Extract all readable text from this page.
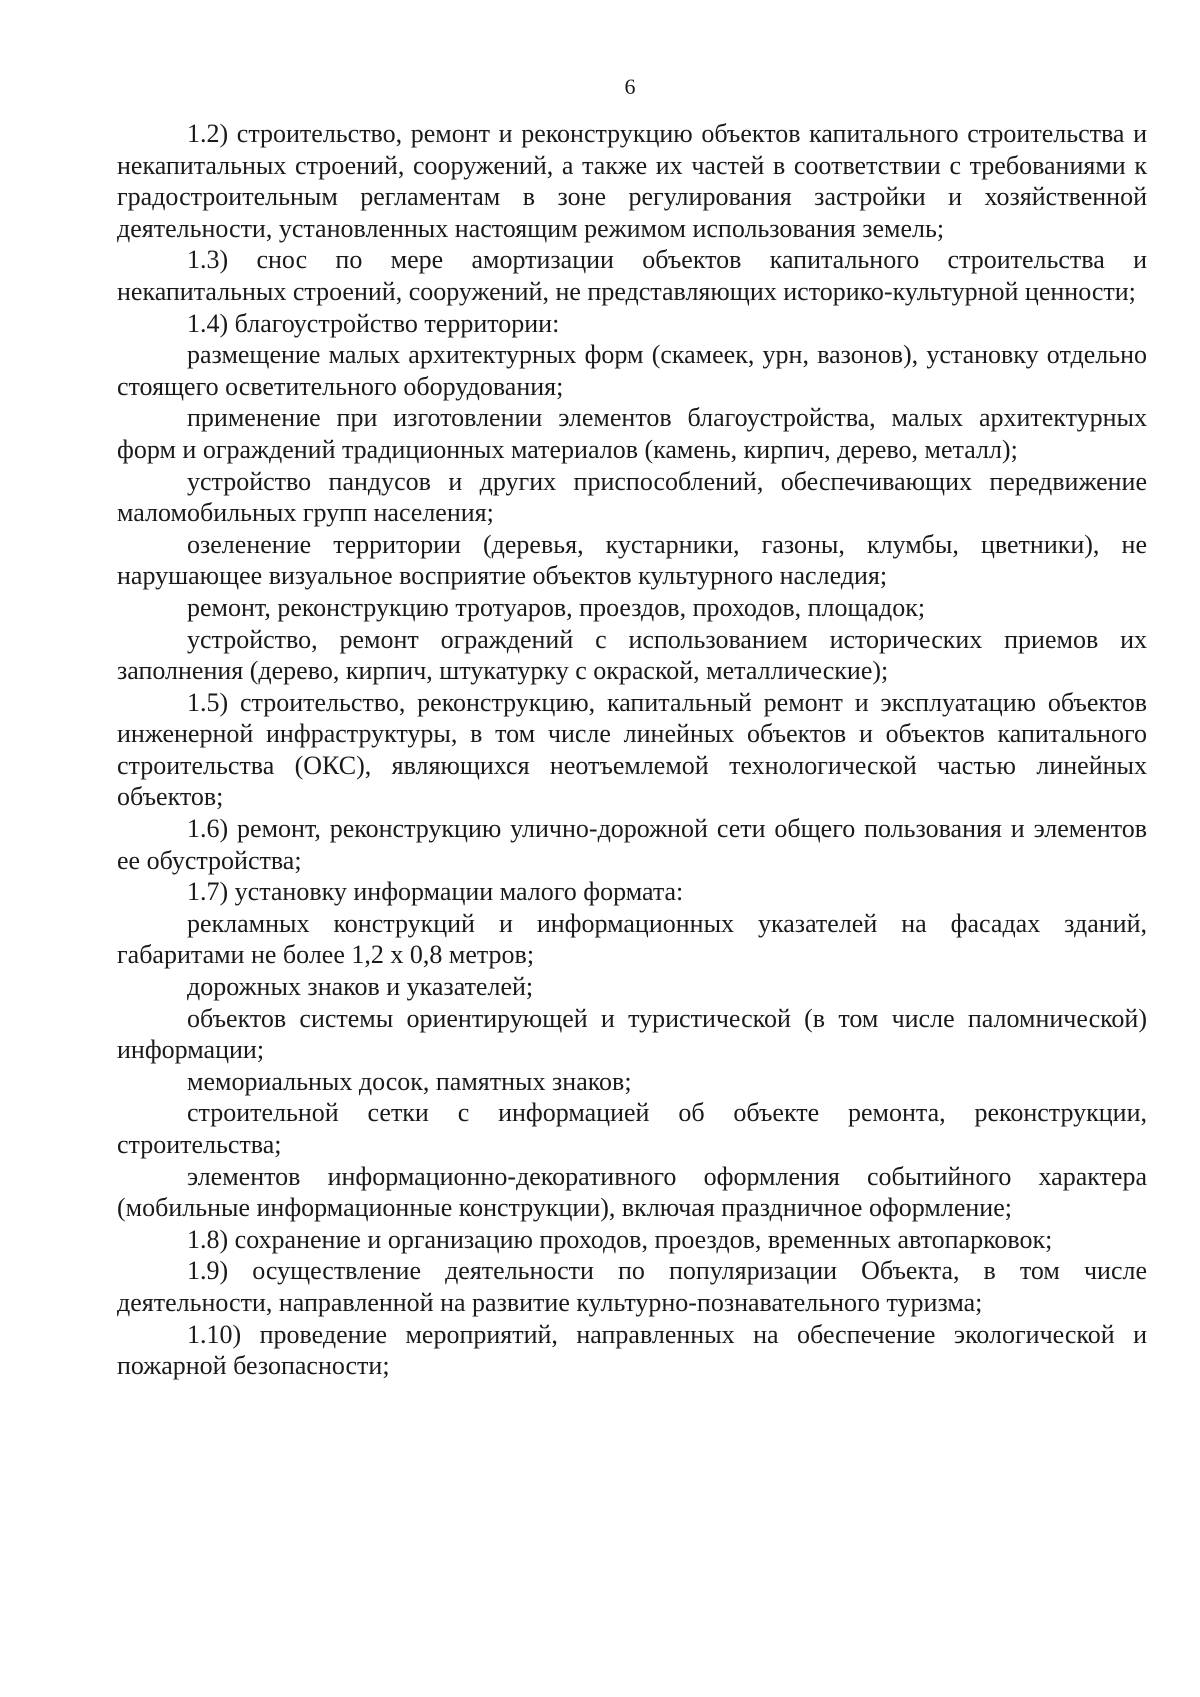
6

1.2) строительство, ремонт и реконструкцию объектов капитального строительства и некапитальных строений, сооружений, а также их частей в соответствии с требованиями к градостроительным регламентам в зоне регулирования застройки и хозяйственной деятельности, установленных настоящим режимом использования земель;

1.3) снос по мере амортизации объектов капитального строительства и некапитальных строений, сооружений, не представляющих историко-культурной ценности;

1.4) благоустройство территории:

размещение малых архитектурных форм (скамеек, урн, вазонов), установку отдельно стоящего осветительного оборудования;

применение при изготовлении элементов благоустройства, малых архитектурных форм и ограждений традиционных материалов (камень, кирпич, дерево, металл);

устройство пандусов и других приспособлений, обеспечивающих передвижение маломобильных групп населения;

озеленение территории (деревья, кустарники, газоны, клумбы, цветники), не нарушающее визуальное восприятие объектов культурного наследия;

ремонт, реконструкцию тротуаров, проездов, проходов, площадок;

устройство, ремонт ограждений с использованием исторических приемов их заполнения (дерево, кирпич, штукатурку с окраской, металлические);

1.5) строительство, реконструкцию, капитальный ремонт и эксплуатацию объектов инженерной инфраструктуры, в том числе линейных объектов и объектов капитального строительства (ОКС), являющихся неотъемлемой технологической частью линейных объектов;

1.6) ремонт, реконструкцию улично-дорожной сети общего пользования и элементов ее обустройства;

1.7) установку информации малого формата:

рекламных конструкций и информационных указателей на фасадах зданий, габаритами не более 1,2 х 0,8 метров;

дорожных знаков и указателей;

объектов системы ориентирующей и туристической (в том числе паломнической) информации;

мемориальных досок, памятных знаков;

строительной сетки с информацией об объекте ремонта, реконструкции, строительства;

элементов информационно-декоративного оформления событийного характера (мобильные информационные конструкции), включая праздничное оформление;

1.8) сохранение и организацию проходов, проездов, временных автопарковок;

1.9) осуществление деятельности по популяризации Объекта, в том числе деятельности, направленной на развитие культурно-познавательного туризма;

1.10) проведение мероприятий, направленных на обеспечение экологической и пожарной безопасности;
